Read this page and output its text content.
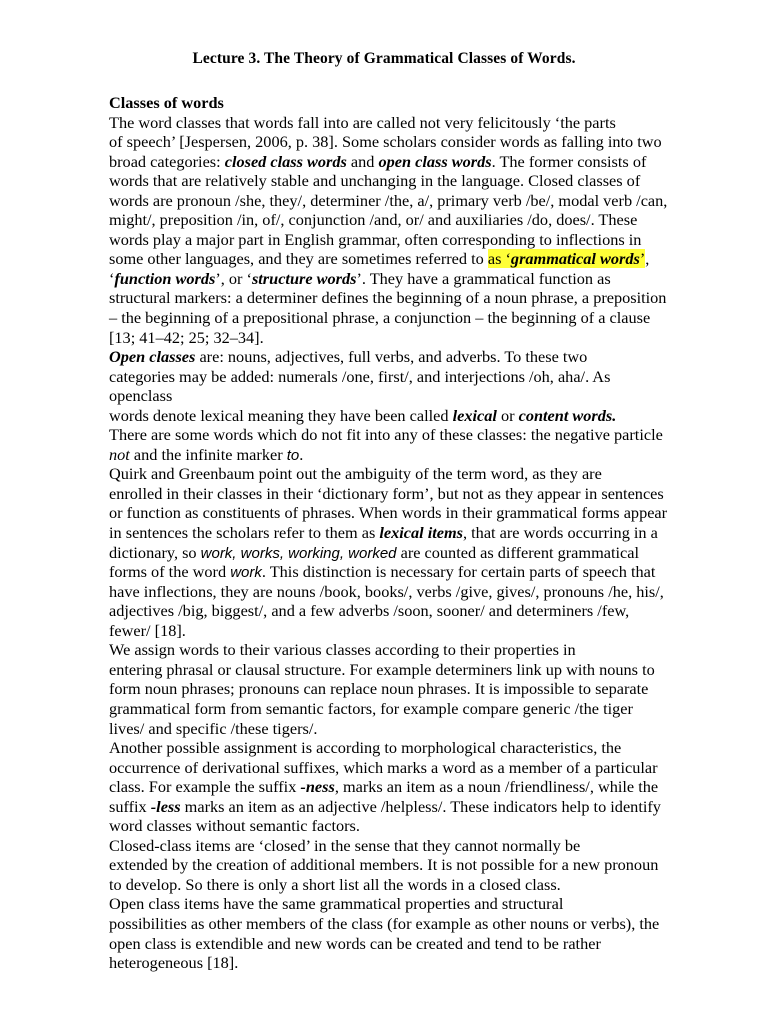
Lecture 3. The Theory of Grammatical Classes of Words.
Classes of words
The word classes that words fall into are called not very felicitously ‘the parts
of speech’ [Jespersen, 2006, p. 38]. Some scholars consider words as falling into two
broad categories: closed class words and open class words. The former consists of
words that are relatively stable and unchanging in the language. Closed classes of
words are pronoun /she, they/, determiner /the, a/, primary verb /be/, modal verb /can,
might/, preposition /in, of/, conjunction /and, or/ and auxiliaries /do, does/. These
words play a major part in English grammar, often corresponding to inflections in
some other languages, and they are sometimes referred to as ‘grammatical words’,
‘function words’, or ‘structure words’. They have a grammatical function as
structural markers: a determiner defines the beginning of a noun phrase, a preposition
– the beginning of a prepositional phrase, a conjunction – the beginning of a clause
[13; 41–42; 25; 32–34].
Open classes are: nouns, adjectives, full verbs, and adverbs. To these two
categories may be added: numerals /one, first/, and interjections /oh, aha/. As
openclass
words denote lexical meaning they have been called lexical or content words.
There are some words which do not fit into any of these classes: the negative particle
not and the infinite marker to.
Quirk and Greenbaum point out the ambiguity of the term word, as they are
enrolled in their classes in their ‘dictionary form’, but not as they appear in sentences
or function as constituents of phrases. When words in their grammatical forms appear
in sentences the scholars refer to them as lexical items, that are words occurring in a
dictionary, so work, works, working, worked are counted as different grammatical
forms of the word work. This distinction is necessary for certain parts of speech that
have inflections, they are nouns /book, books/, verbs /give, gives/, pronouns /he, his/,
adjectives /big, biggest/, and a few adverbs /soon, sooner/ and determiners /few,
fewer/ [18].
We assign words to their various classes according to their properties in
entering phrasal or clausal structure. For example determiners link up with nouns to
form noun phrases; pronouns can replace noun phrases. It is impossible to separate
grammatical form from semantic factors, for example compare generic /the tiger
lives/ and specific /these tigers/.
Another possible assignment is according to morphological characteristics, the
occurrence of derivational suffixes, which marks a word as a member of a particular
class. For example the suffix -ness, marks an item as a noun /friendliness/, while the
suffix -less marks an item as an adjective /helpless/. These indicators help to identify
word classes without semantic factors.
Closed-class items are ‘closed’ in the sense that they cannot normally be
extended by the creation of additional members. It is not possible for a new pronoun
to develop. So there is only a short list all the words in a closed class.
Open class items have the same grammatical properties and structural
possibilities as other members of the class (for example as other nouns or verbs), the
open class is extendible and new words can be created and tend to be rather
heterogeneous [18].
